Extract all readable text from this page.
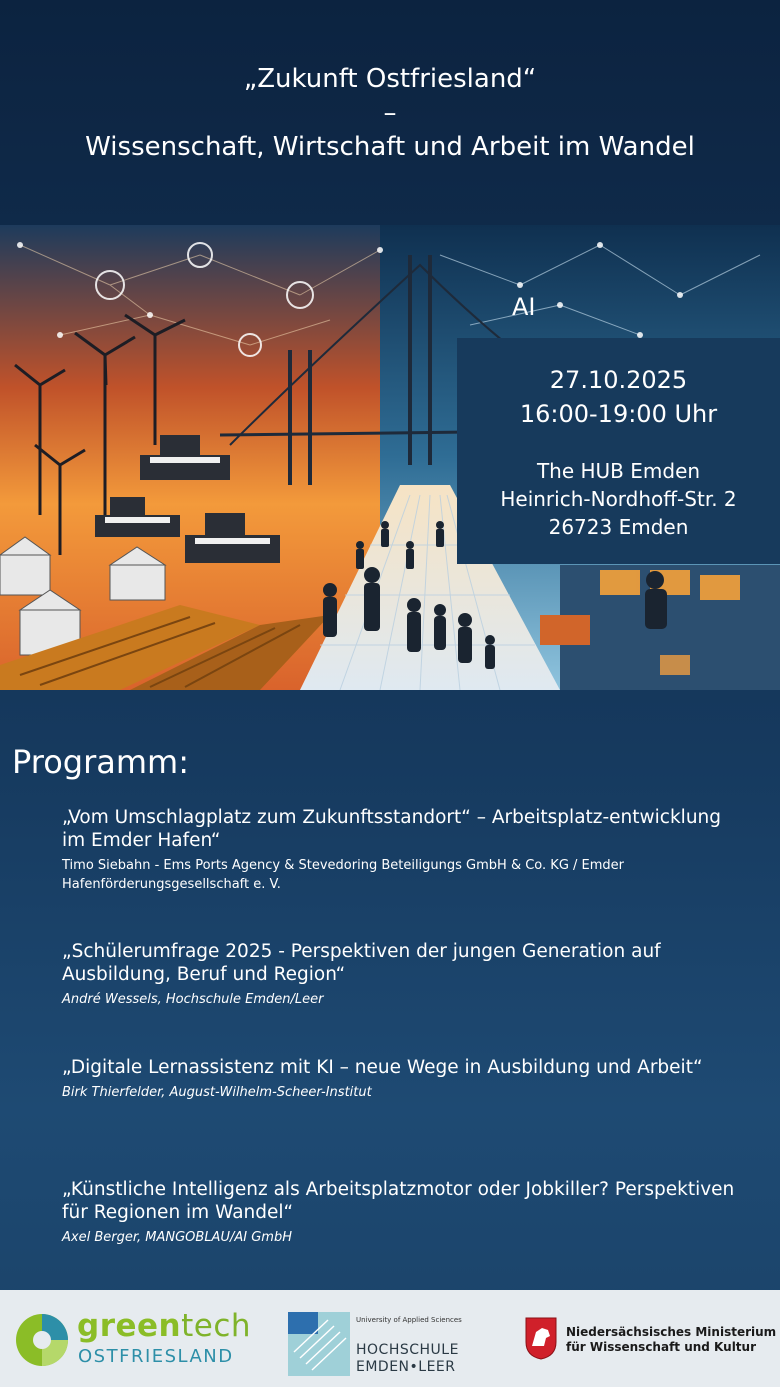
„Zukunft Ostfriesland“
–
Wissenschaft, Wirtschaft und Arbeit im Wandel
AI
27.10.2025
16:00-19:00 Uhr
The HUB Emden
Heinrich-Nordhoff-Str. 2
26723 Emden
Programm:
„Vom Umschlagplatz zum Zukunftsstandort“ – Arbeitsplatz-entwicklung im Emder Hafen“
Timo Siebahn - Ems Ports Agency & Stevedoring Beteiligungs GmbH & Co. KG / Emder Hafenförderungsgesellschaft e. V.
„Schülerumfrage 2025 - Perspektiven der jungen Generation auf Ausbildung, Beruf und Region“
André Wessels, Hochschule Emden/Leer
„Digitale Lernassistenz mit KI – neue Wege in Ausbildung und Arbeit“
Birk Thierfelder, August-Wilhelm-Scheer-Institut
„Künstliche Intelligenz als Arbeitsplatzmotor oder Jobkiller? Perspektiven für Regionen im Wandel“
Axel Berger, MANGOBLAU/AI GmbH
greentech
OSTFRIESLAND
University of Applied Sciences
HOCHSCHULE
EMDEN•LEER
Niedersächsisches Ministerium
für Wissenschaft und Kultur
